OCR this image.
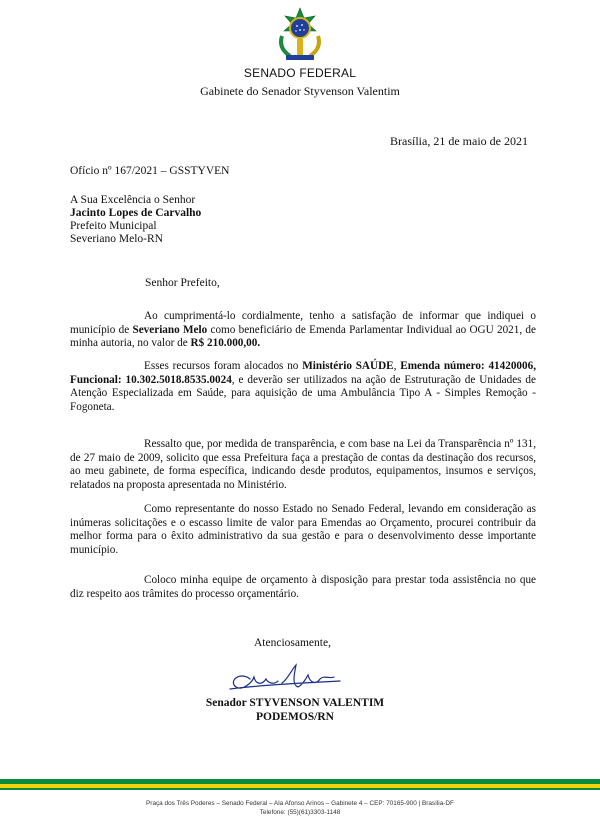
SENADO FEDERAL
Gabinete do Senador Styvenson Valentim
Brasília, 21 de maio de 2021
Ofício nº 167/2021 – GSSTYVEN
A Sua Excelência o Senhor
Jacinto Lopes de Carvalho
Prefeito Municipal
Severiano Melo-RN
Senhor Prefeito,
Ao cumprimentá-lo cordialmente, tenho a satisfação de informar que indiquei o município de Severiano Melo como beneficiário de Emenda Parlamentar Individual ao OGU 2021, de minha autoria, no valor de R$ 210.000,00.
Esses recursos foram alocados no Ministério SAÚDE, Emenda número: 41420006, Funcional: 10.302.5018.8535.0024, e deverão ser utilizados na ação de Estruturação de Unidades de Atenção Especializada em Saúde, para aquisição de uma Ambulância Tipo A - Simples Remoção - Fogoneta.
Ressalto que, por medida de transparência, e com base na Lei da Transparência nº 131, de 27 maio de 2009, solicito que essa Prefeitura faça a prestação de contas da destinação dos recursos, ao meu gabinete, de forma específica, indicando desde produtos, equipamentos, insumos e serviços, relatados na proposta apresentada no Ministério.
Como representante do nosso Estado no Senado Federal, levando em consideração as inúmeras solicitações e o escasso limite de valor para Emendas ao Orçamento, procurei contribuir da melhor forma para o êxito administrativo da sua gestão e para o desenvolvimento desse importante município.
Coloco minha equipe de orçamento à disposição para prestar toda assistência no que diz respeito aos trâmites do processo orçamentário.
Atenciosamente,
Senador STYVENSON VALENTIM
PODEMOS/RN
Praça dos Três Poderes – Senado Federal – Ala Afonso Arinos – Gabinete 4 – CEP: 70165-900 | Brasília-DF
Telefone: (55)(61)3303-1148
